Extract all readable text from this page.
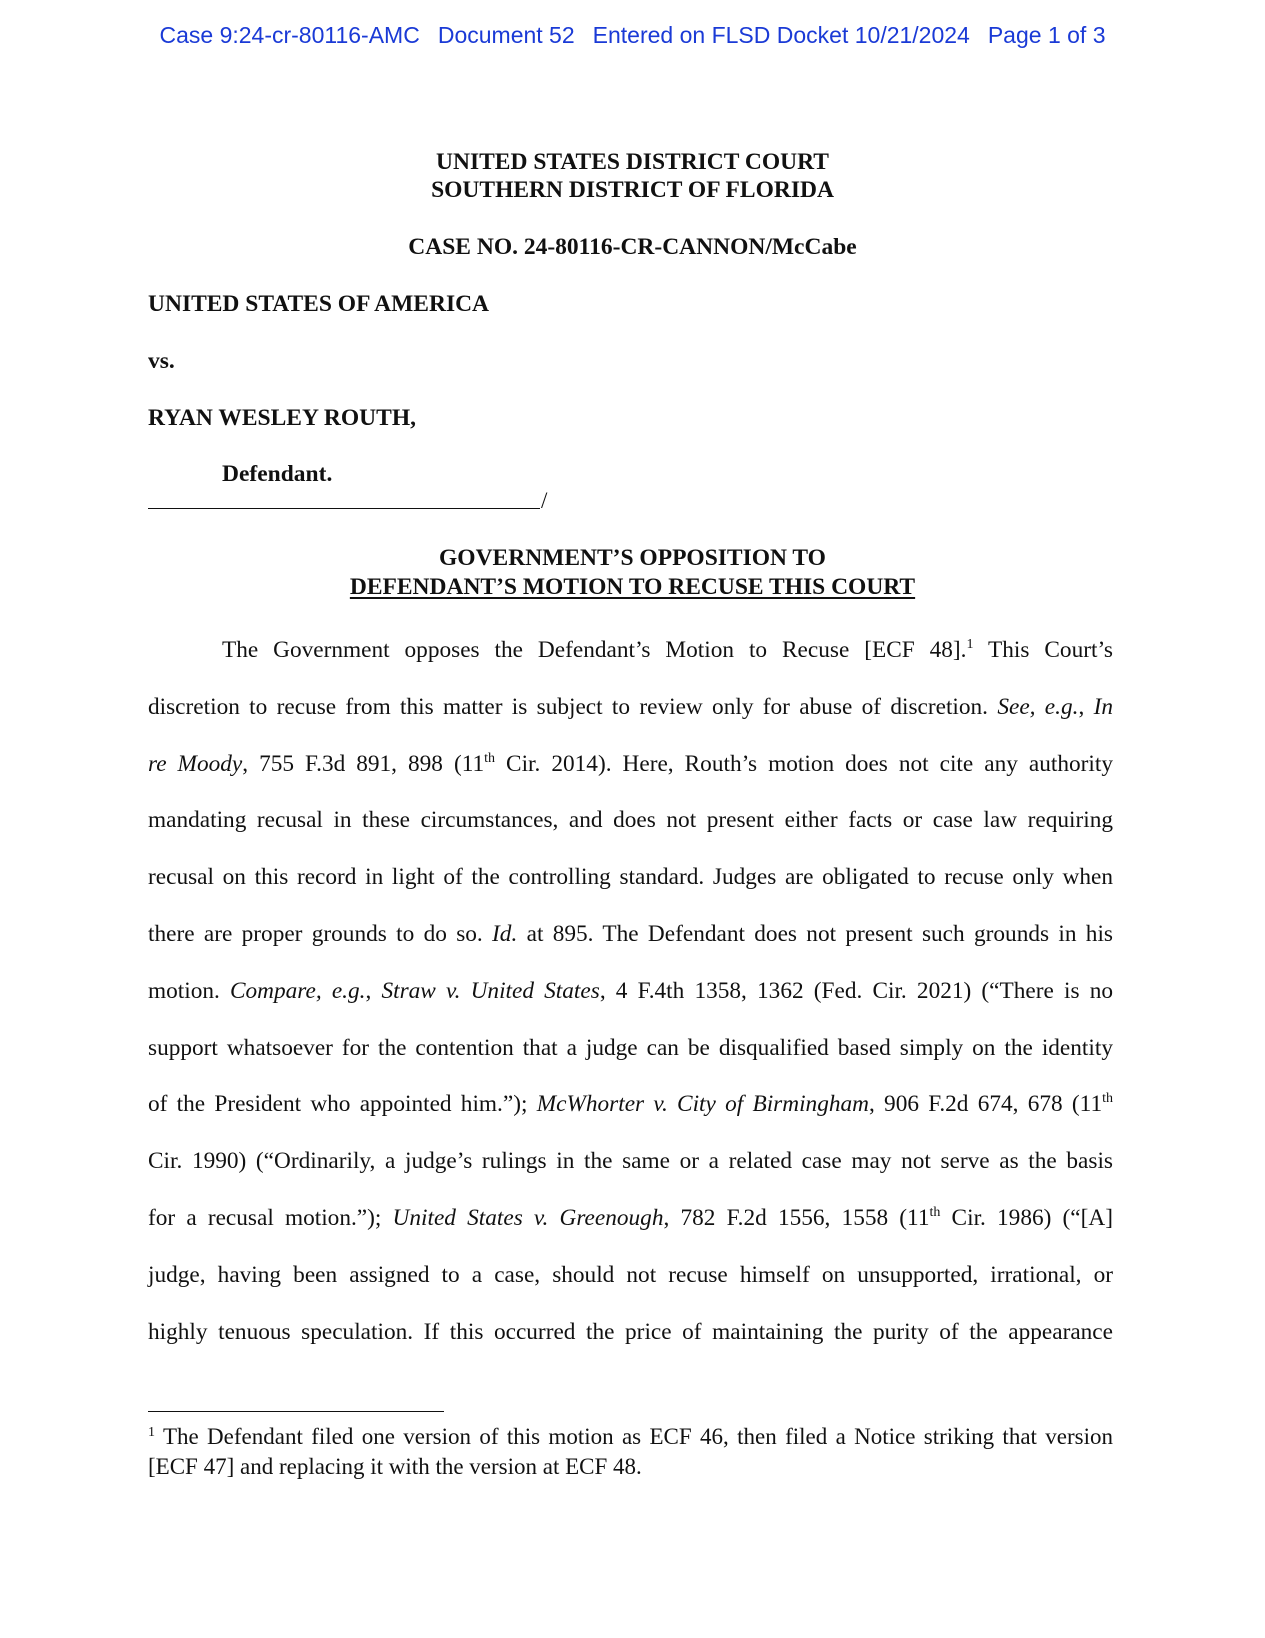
Case 9:24-cr-80116-AMC Document 52 Entered on FLSD Docket 10/21/2024 Page 1 of 3
UNITED STATES DISTRICT COURT
SOUTHERN DISTRICT OF FLORIDA
CASE NO. 24-80116-CR-CANNON/McCabe
UNITED STATES OF AMERICA
vs.
RYAN WESLEY ROUTH,
Defendant.
/
GOVERNMENT’S OPPOSITION TO
DEFENDANT’S MOTION TO RECUSE THIS COURT
The Government opposes the Defendant’s Motion to Recuse [ECF 48].$^1$ This Court’s
discretion to recuse from this matter is subject to review only for abuse of discretion. See, e.g., In
re Moody, 755 F.3d 891, 898 (11th Cir. 2014). Here, Routh’s motion does not cite any authority
mandating recusal in these circumstances, and does not present either facts or case law requiring
recusal on this record in light of the controlling standard. Judges are obligated to recuse only when
there are proper grounds to do so. Id. at 895. The Defendant does not present such grounds in his
motion. Compare, e.g., Straw v. United States, 4 F.4th 1358, 1362 (Fed. Cir. 2021) (“There is no
support whatsoever for the contention that a judge can be disqualified based simply on the identity
of the President who appointed him.”); McWhorter v. City of Birmingham, 906 F.2d 674, 678 (11th
Cir. 1990) (“Ordinarily, a judge’s rulings in the same or a related case may not serve as the basis
for a recusal motion.”); United States v. Greenough, 782 F.2d 1556, 1558 (11th Cir. 1986) (“[A]
judge, having been assigned to a case, should not recuse himself on unsupported, irrational, or
highly tenuous speculation. If this occurred the price of maintaining the purity of the appearance
$^1$ The Defendant filed one version of this motion as ECF 46, then filed a Notice striking that version
[ECF 47] and replacing it with the version at ECF 48.
